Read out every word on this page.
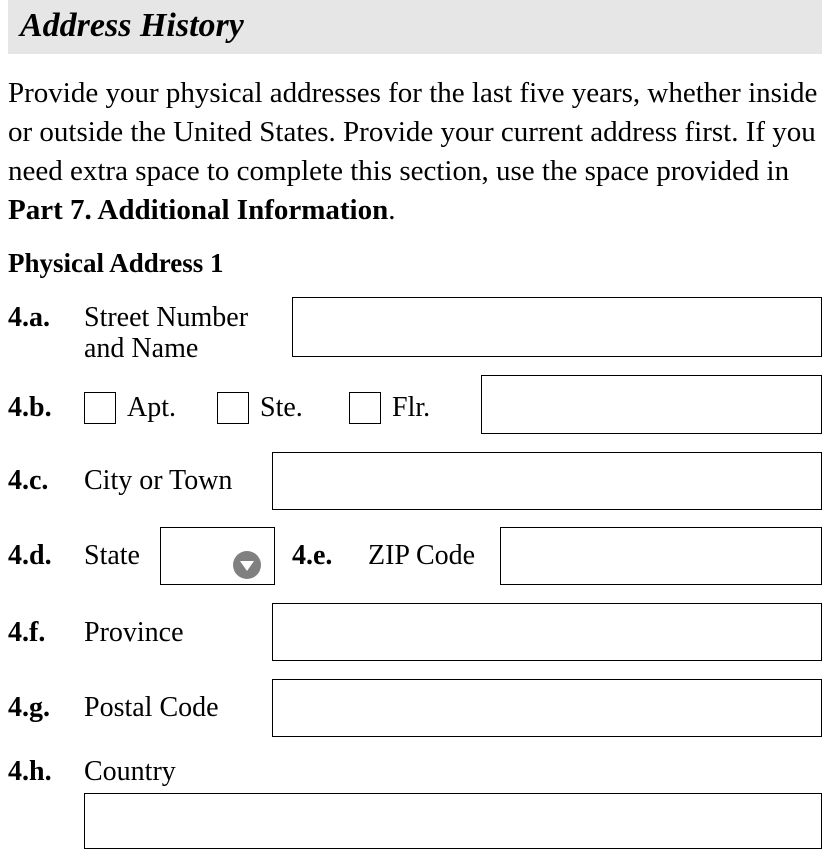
Address History

Provide your physical addresses for the last five years, whether inside or outside the United States. Provide your current address first. If you need extra space to complete this section, use the space provided in Part 7. Additional Information.

Physical Address 1
4.a. Street Number
and Name
4.b.	Apt.	Ste.	Flr.
4.c. City or Town
4.d. State	4.e. ZIP Code
4.f. Province
4.g. Postal Code
4.h. Country
